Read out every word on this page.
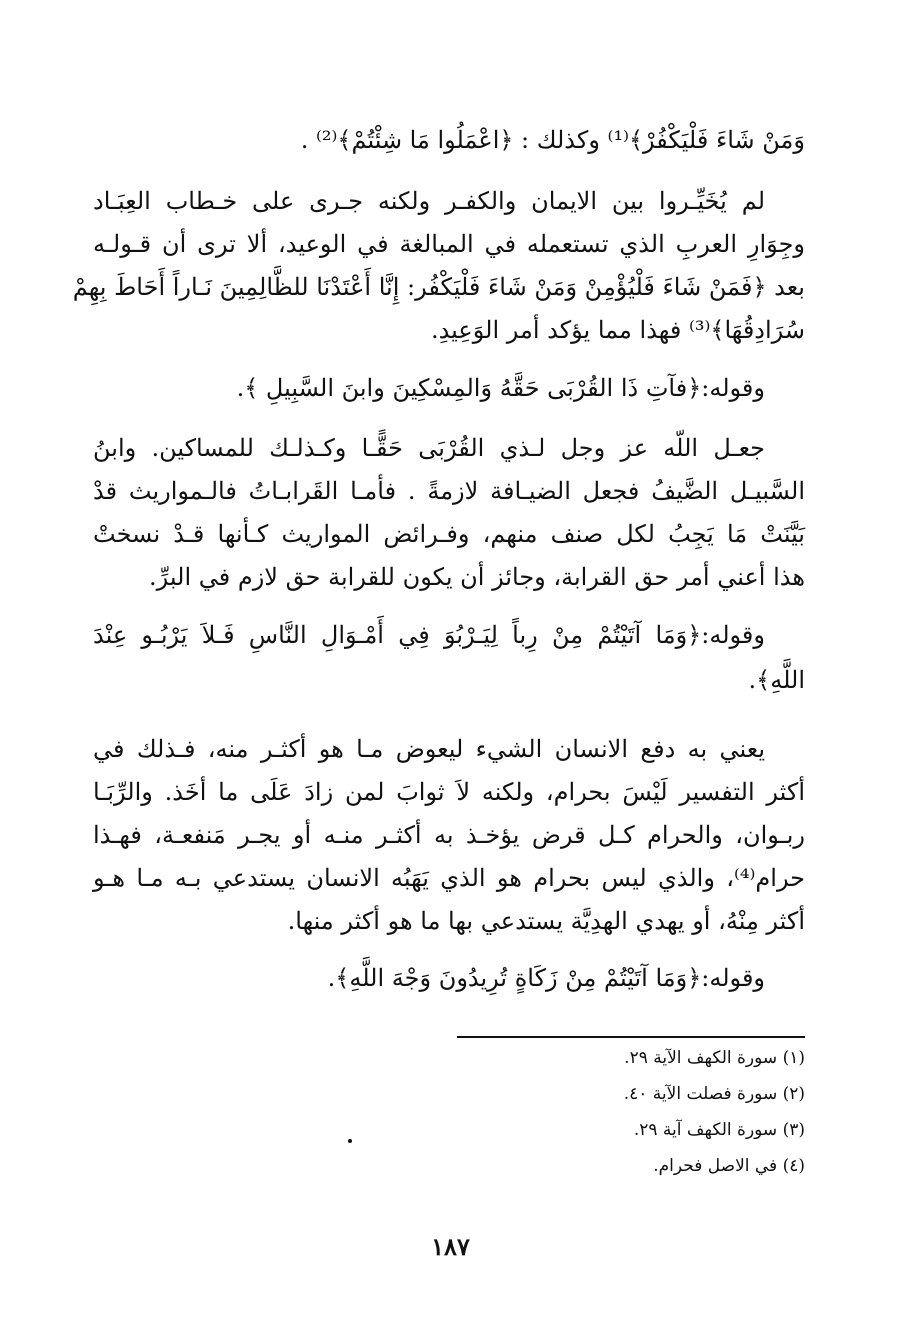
وَمَنْ شَاءَ فَلْيَكْفُرْ﴾⁽¹⁾ وكذلك : ﴿اعْمَلُوا مَا شِئْتُمْ﴾⁽²⁾ .
لم يُخَيِّـروا بين الايمان والكفـر ولكنه جـرى على خـطاب العِبَـاد
وجِوَارِ العربِ الذي تستعمله في المبالغة في الوعيد، ألا ترى أن قـولـه
بعد ﴿فَمَنْ شَاءَ فَلْيُؤْمِنْ وَمَنْ شَاءَ فَلْيَكْفُر: إِنَّا أَعْتَدْنَا للظَّالِمِينَ نَـاراً أَحَاطَ بِهِمْ
سُرَادِقُهَا﴾⁽³⁾ فهذا مما يؤكد أمر الوَعِيدِ.
وقوله:﴿فآتِ ذَا القُرْبَى حَقَّهُ وَالمِسْكِينَ وابنَ السَّبِيلِ ﴾.
جعـل اللّه عز وجل لـذي القُرْبَى حَقًّـا وكـذلـك للمساكين. وابنُ
السَّبيـل الضَّيفُ فجعل الضيـافة لازمةً . فأمـا القَرابـاتُ فالـمواريث قدْ
بَيَّنَتْ مَا يَجِبُ لكل صنف منهم، وفـرائض المواريث كـأنها قـدْ نسختْ
هذا أعني أمر حق القرابة، وجائز أن يكون للقرابة حق لازم في البرِّ.
وقوله:﴿وَمَا آتَيْتُمْ مِنْ رِباً لِيَـرْبُوَ فِي أَمْـوَالِ النَّاسِ فَـلاَ يَرْبُـو عِنْدَ
اللَّهِ﴾.
يعني به دفع الانسان الشيء ليعوض مـا هو أكثـر منه، فـذلك في
أكثر التفسير لَيْسَ بحرام، ولكنه لاَ ثوابَ لمن زادَ عَلَى ما أخَذ. والرِّبَـا
ربـوان، والحرام كـل قرض يؤخـذ به أكثـر منـه أو يجـر مَنفعـة، فهـذا
حرام⁽⁴⁾، والذي ليس بحرام هو الذي يَهَبُه الانسان يستدعي بـه مـا هـو
أكثر مِنْهُ، أو يهدي الهدِيَّة يستدعي بها ما هو أكثر منها.
وقوله:﴿وَمَا آتَيْتُمْ مِنْ زَكَاةٍ تُرِيدُونَ وَجْهَ اللَّهِ﴾.
(١) سورة الكهف الآية ٢٩.
(٢) سورة فصلت الآية ٤٠.
(٣) سورة الكهف آية ٢٩.
(٤) في الاصل فحرام.
١٨٧
